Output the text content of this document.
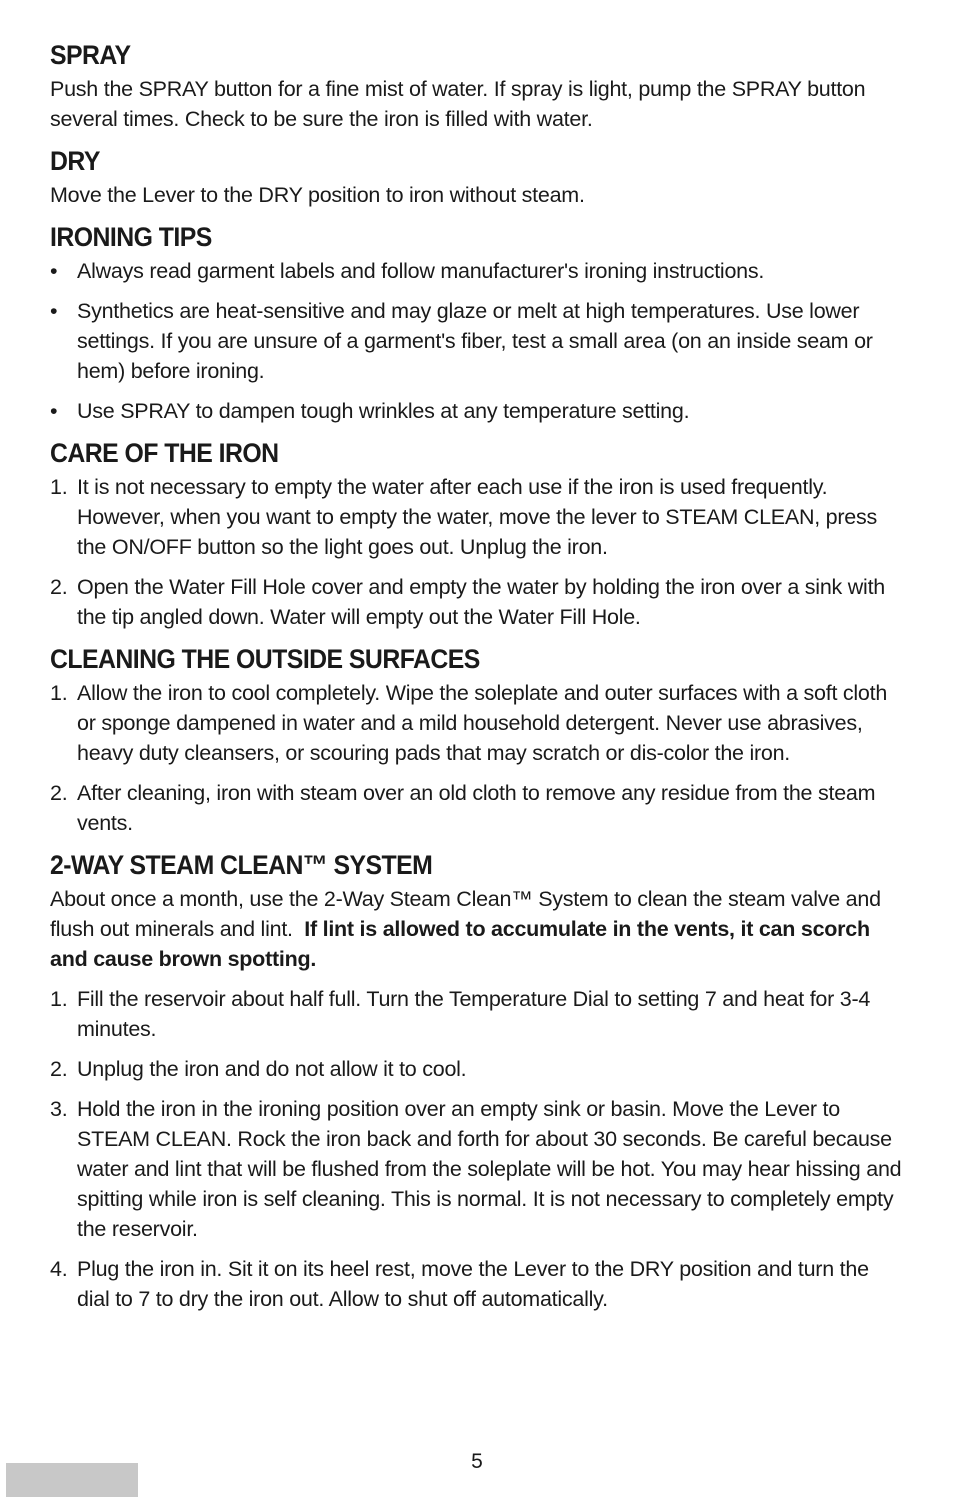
SPRAY

Push the SPRAY button for a fine mist of water. If spray is light, pump the SPRAY button several times. Check to be sure the iron is filled with water.

DRY

Move the Lever to the DRY position to iron without steam.

IRONING TIPS
• Always read garment labels and follow manufacturer's ironing instructions.
• Synthetics are heat-sensitive and may glaze or melt at high temperatures. Use lower settings. If you are unsure of a garment's fiber, test a small area (on an inside seam or hem) before ironing.
• Use SPRAY to dampen tough wrinkles at any temperature setting.
CARE OF THE IRON
1. It is not necessary to empty the water after each use if the iron is used frequently. However, when you want to empty the water, move the lever to STEAM CLEAN, press the ON/OFF button so the light goes out. Unplug the iron.
2. Open the Water Fill Hole cover and empty the water by holding the iron over a sink with the tip angled down. Water will empty out the Water Fill Hole.
CLEANING THE OUTSIDE SURFACES
1. Allow the iron to cool completely. Wipe the soleplate and outer surfaces with a soft cloth or sponge dampened in water and a mild household detergent. Never use abrasives, heavy duty cleansers, or scouring pads that may scratch or dis-color the iron.
2. After cleaning, iron with steam over an old cloth to remove any residue from the steam vents.
2-WAY STEAM CLEAN™ SYSTEM

About once a month, use the 2-Way Steam Clean™ System to clean the steam valve and flush out minerals and lint. If lint is allowed to accumulate in the vents, it can scorch and cause brown spotting.

1. Fill the reservoir about half full. Turn the Temperature Dial to setting 7 and heat for 3-4 minutes.
2. Unplug the iron and do not allow it to cool.
3. Hold the iron in the ironing position over an empty sink or basin. Move the Lever to STEAM CLEAN. Rock the iron back and forth for about 30 seconds. Be careful because water and lint that will be flushed from the soleplate will be hot. You may hear hissing and spitting while iron is self cleaning. This is normal. It is not necessary to completely empty the reservoir.
4. Plug the iron in. Sit it on its heel rest, move the Lever to the DRY position and turn the dial to 7 to dry the iron out. Allow to shut off automatically.
5
